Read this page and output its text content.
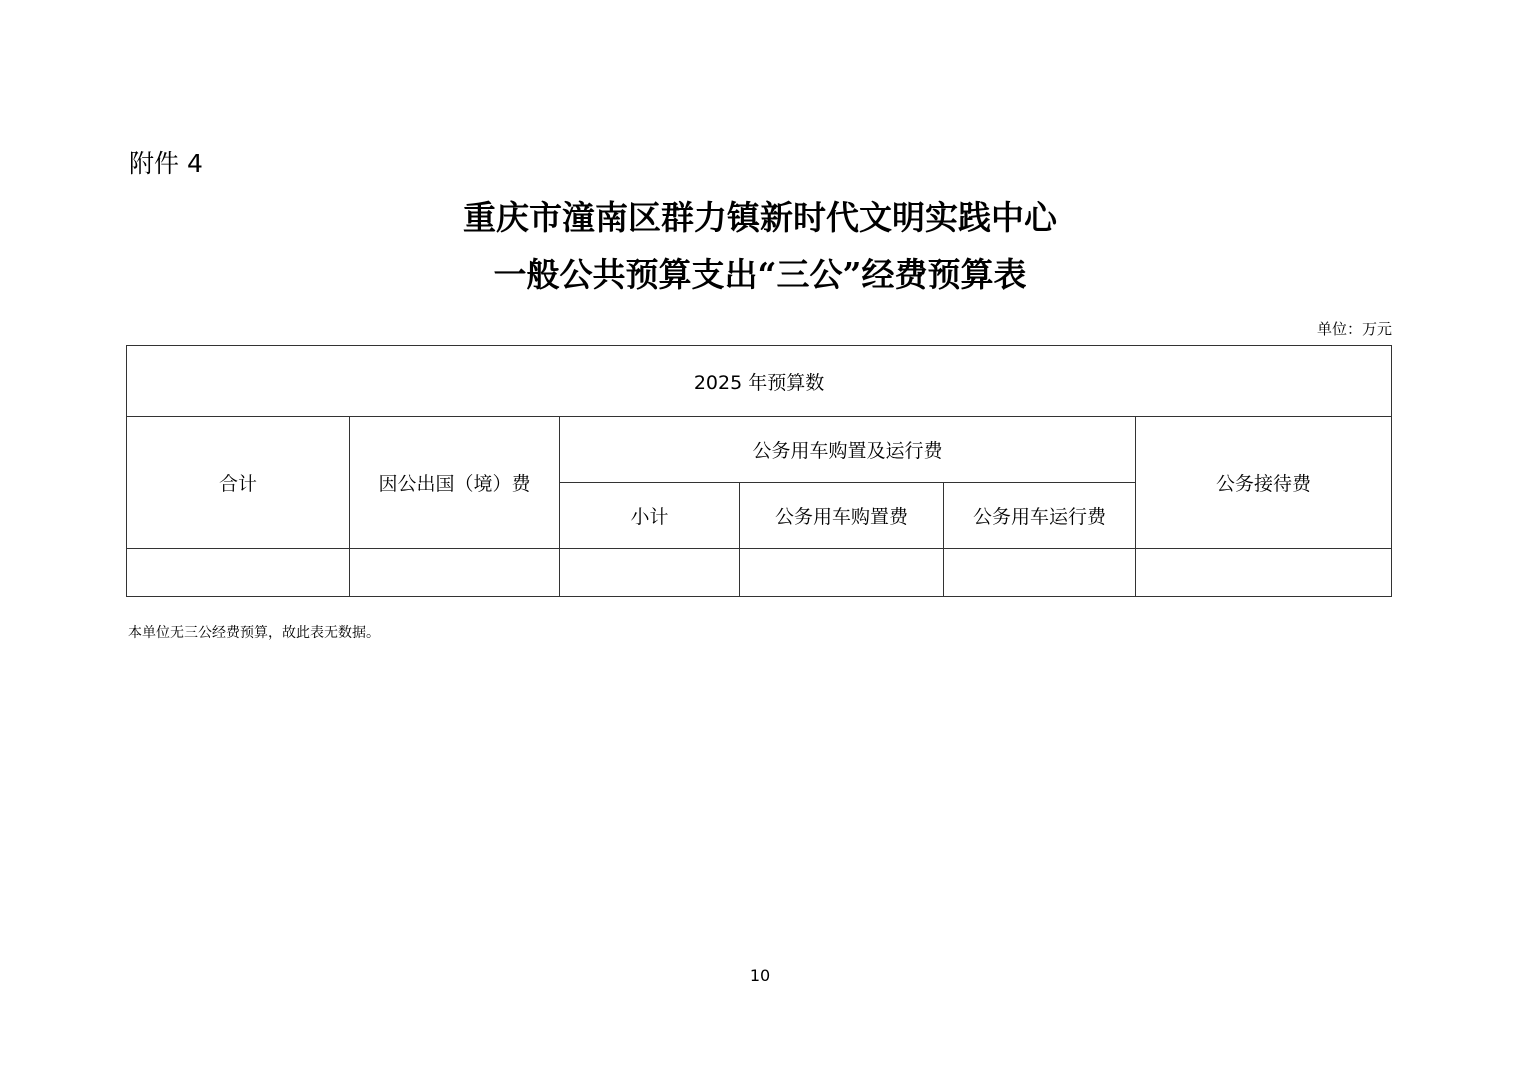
附件 4
重庆市潼南区群力镇新时代文明实践中心
一般公共预算支出“三公”经费预算表
单位：万元
2025 年预算数					
合计	因公出国（境）费	公务用车购置及运行费			公务接待费
		小计	公务用车购置费	公务用车运行费	

本单位无三公经费预算，故此表无数据。
10
